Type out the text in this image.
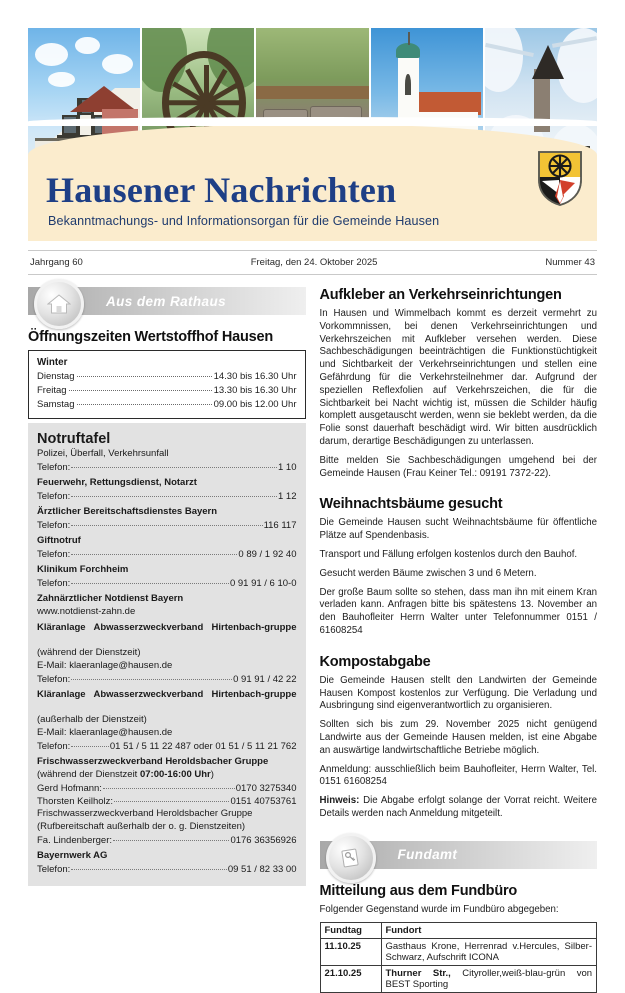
Hausener Nachrichten
Bekanntmachungs- und Informationsorgan für die Gemeinde Hausen
Jahrgang 60	Freitag, den 24. Oktober 2025	Nummer 43
Aus dem Rathaus
Öffnungszeiten Wertstoffhof Hausen
Winter
Dienstag	14.30 bis 16.30 Uhr
Freitag	13.30 bis 16.30 Uhr
Samstag	09.00 bis 12.00 Uhr
Notruftafel

Polizei, Überfall, Verkehrsunfall

Telefon:	1 10

Feuerwehr, Rettungsdienst, Notarzt

Telefon:	1 12

Ärztlicher Bereitschaftsdienstes Bayern

Telefon:	116 117

Giftnotruf

Telefon:	0 89 / 1 92 40

Klinikum Forchheim

Telefon:	0 91 91 / 6 10-0

Zahnärztlicher Notdienst Bayern

www.notdienst-zahn.de

Kläranlage Abwasserzweckverband Hirtenbach-gruppe

(während der Dienstzeit)

E-Mail: klaeranlage@hausen.de

Telefon:	0 91 91 / 42 22

Kläranlage Abwasserzweckverband Hirtenbach-gruppe

(außerhalb der Dienstzeit)

E-Mail: klaeranlage@hausen.de

Telefon:	01 51 / 5 11 22 487 oder 01 51 / 5 11 21 762

Frischwasserzweckverband Heroldsbacher Gruppe

(während der Dienstzeit 07:00-16:00 Uhr)

Gerd Hofmann:	0170 3275340
Thorsten Keilholz:	0151 40753761

Frischwasserzweckverband Heroldsbacher Gruppe

(Rufbereitschaft außerhalb der o. g. Dienstzeiten)

Fa. Lindenberger:	0176 36356926

Bayernwerk AG

Telefon:	09 51 / 82 33 00
Aufkleber an Verkehrseinrichtungen

In Hausen und Wimmelbach kommt es derzeit vermehrt zu Vorkommnissen, bei denen Verkehrseinrichtungen und Verkehrszeichen mit Aufkleber versehen werden. Diese Sachbeschädigungen beeinträchtigen die Funktionstüchtigkeit und Sichtbarkeit der Verkehrseinrichtungen und stellen eine Gefährdung für die Verkehrsteilnehmer dar. Aufgrund der speziellen Reflexfolien auf Verkehrszeichen, die für die Sichtbarkeit bei Nacht wichtig ist, müssen die Schilder häufig komplett ausgetauscht werden, wenn sie beklebt werden, da die Folie sonst dauerhaft beschädigt wird. Wir bitten ausdrücklich darum, derartige Beschädigungen zu unterlassen.

Bitte melden Sie Sachbeschädigungen umgehend bei der Gemeinde Hausen (Frau Keiner Tel.: 09191 7372-22).

Weihnachtsbäume gesucht

Die Gemeinde Hausen sucht Weihnachtsbäume für öffentliche Plätze auf Spendenbasis.

Transport und Fällung erfolgen kostenlos durch den Bauhof.

Gesucht werden Bäume zwischen 3 und 6 Metern.

Der große Baum sollte so stehen, dass man ihn mit einem Kran verladen kann. Anfragen bitte bis spätestens 13. November an den Bauhofleiter Herrn Walter unter Telefonnummer 0151 / 61608254

Kompostabgabe

Die Gemeinde Hausen stellt den Landwirten der Gemeinde Hausen Kompost kostenlos zur Verfügung. Die Verladung und Ausbringung sind eigenverantwortlich zu organisieren.

Sollten sich bis zum 29. November 2025 nicht genügend Landwirte aus der Gemeinde Hausen melden, ist eine Abgabe an auswärtige landwirtschaftliche Betriebe möglich.

Anmeldung: ausschließlich beim Bauhofleiter, Herrn Walter, Tel. 0151 61608254

Hinweis: Die Abgabe erfolgt solange der Vorrat reicht. Weitere Details werden nach Anmeldung mitgeteilt.

Fundamt
Mitteilung aus dem Fundbüro

Folgender Gegenstand wurde im Fundbüro abgegeben:

Fundtag	Fundort
11.10.25	Gasthaus Krone, Herrenrad v.Hercules, Silber-Schwarz, Aufschrift ICONA
21.10.25	Thurner Str., Cityroller,weiß-blau-grün von BEST Sporting
